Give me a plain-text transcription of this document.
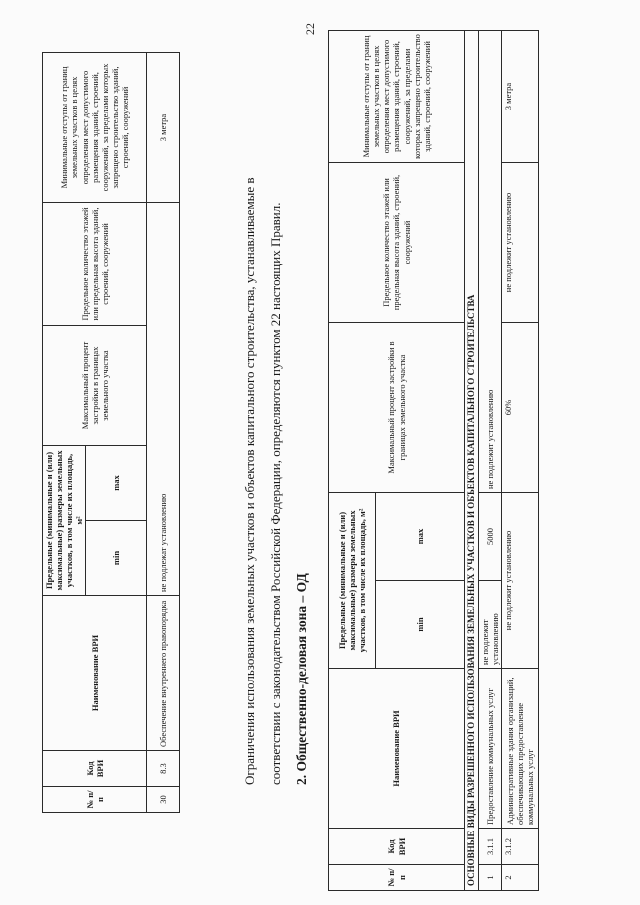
22
№ п/п	Код ВРИ	Наименование ВРИ	Предельные (минимальные и (или) максимальные) размеры земельных участков, в том числе их площадь, м²		Максимальный процент застройки в границах земельного участка	Предельное количество этажей или предельная высота зданий, строений, сооружений	Минимальные отступы от границ земельных участков в целях определения мест допустимого размещения зданий, строений, сооружений, за пределами которых запрещено строительство зданий, строений, сооружений
			min	max			
30	8.3	Обеспечение внутреннего правопорядка	не подлежат установлению				3 метра
Ограничения использования земельных участков и объектов капитального строительства, устанавливаемые в соответствии с законодательством Российской Федерации, определяются пунктом 22 настоящих Правил. 2. Общественно-деловая зона – ОД
№ п/п	Код ВРИ	Наименование ВРИ	Предельные (минимальные и (или) максимальные) размеры земельных участков, в том числе их площадь, м²		Максимальный процент застройки в границах земельного участка	Предельное количество этажей или предельная высота зданий, строений, сооружений	Минимальные отступы от границ земельных участков в целях определения мест допустимого размещения зданий, строений, сооружений, за пределами которых запрещено строительство зданий, строений, сооружений
			min	max			
ОСНОВНЫЕ ВИДЫ РАЗРЕШЕННОГО ИСПОЛЬЗОВАНИЯ ЗЕМЕЛЬНЫХ УЧАСТКОВ И ОБЪЕКТОВ КАПИТАЛЬНОГО СТРОИТЕЛЬСТВА							
1	3.1.1	Предоставление коммунальных услуг	не подлежит установлению	5000	не подлежит установлению		
2	3.1.2	Административные здания организаций, обеспечивающих предоставление коммунальных услуг	не подлежит установлению		60%	не подлежит установлению	3 метра
